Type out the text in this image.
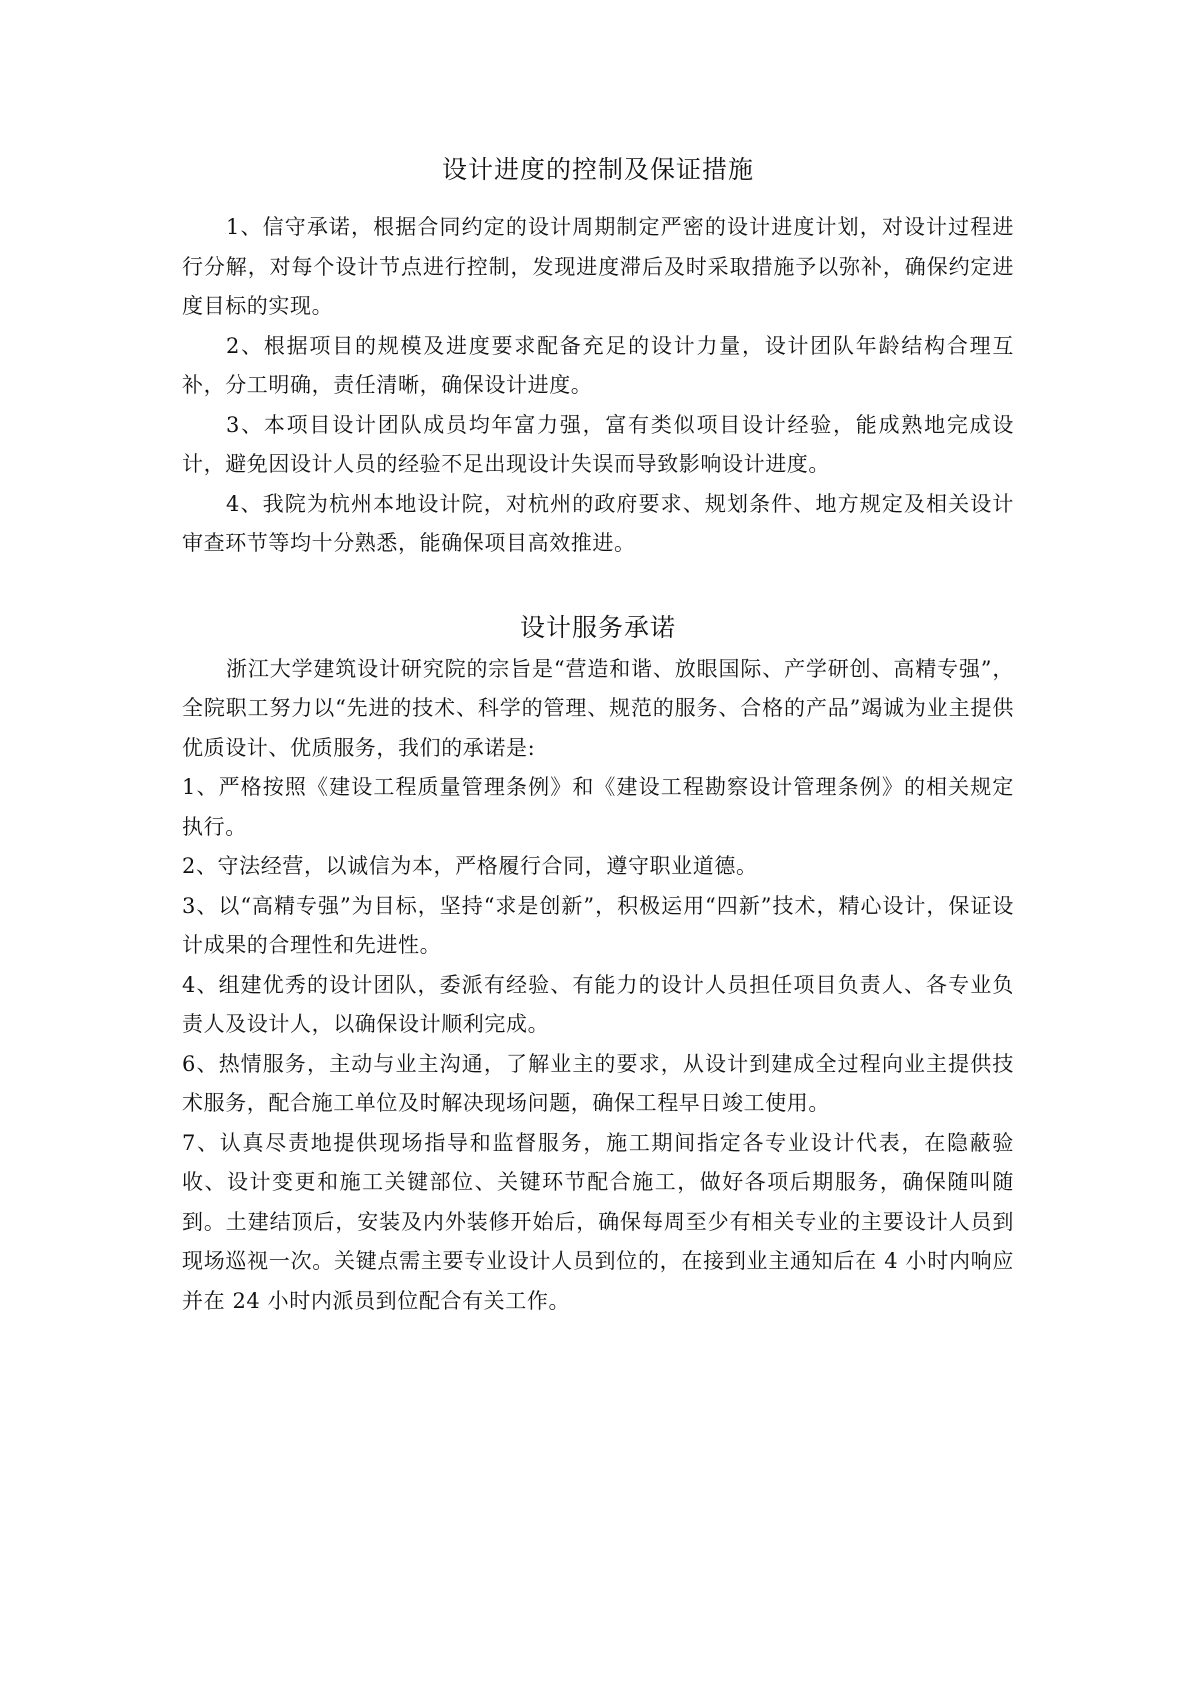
设计进度的控制及保证措施

1、信守承诺，根据合同约定的设计周期制定严密的设计进度计划，对设计过程进行分解，对每个设计节点进行控制，发现进度滞后及时采取措施予以弥补，确保约定进度目标的实现。

2、根据项目的规模及进度要求配备充足的设计力量，设计团队年龄结构合理互补，分工明确，责任清晰，确保设计进度。

3、本项目设计团队成员均年富力强，富有类似项目设计经验，能成熟地完成设计，避免因设计人员的经验不足出现设计失误而导致影响设计进度。

4、我院为杭州本地设计院，对杭州的政府要求、规划条件、地方规定及相关设计审查环节等均十分熟悉，能确保项目高效推进。

设计服务承诺

浙江大学建筑设计研究院的宗旨是“营造和谐、放眼国际、产学研创、高精专强”，全院职工努力以“先进的技术、科学的管理、规范的服务、合格的产品”竭诚为业主提供优质设计、优质服务，我们的承诺是:

1、严格按照《建设工程质量管理条例》和《建设工程勘察设计管理条例》的相关规定执行。

2、守法经营，以诚信为本，严格履行合同，遵守职业道德。

3、以“高精专强”为目标，坚持“求是创新”，积极运用“四新”技术，精心设计，保证设计成果的合理性和先进性。

4、组建优秀的设计团队，委派有经验、有能力的设计人员担任项目负责人、各专业负责人及设计人，以确保设计顺利完成。

6、热情服务，主动与业主沟通，了解业主的要求，从设计到建成全过程向业主提供技术服务，配合施工单位及时解决现场问题，确保工程早日竣工使用。

7、认真尽责地提供现场指导和监督服务，施工期间指定各专业设计代表，在隐蔽验收、设计变更和施工关键部位、关键环节配合施工，做好各项后期服务，确保随叫随到。土建结顶后，安装及内外装修开始后，确保每周至少有相关专业的主要设计人员到现场巡视一次。关键点需主要专业设计人员到位的，在接到业主通知后在 4 小时内响应并在 24 小时内派员到位配合有关工作。
